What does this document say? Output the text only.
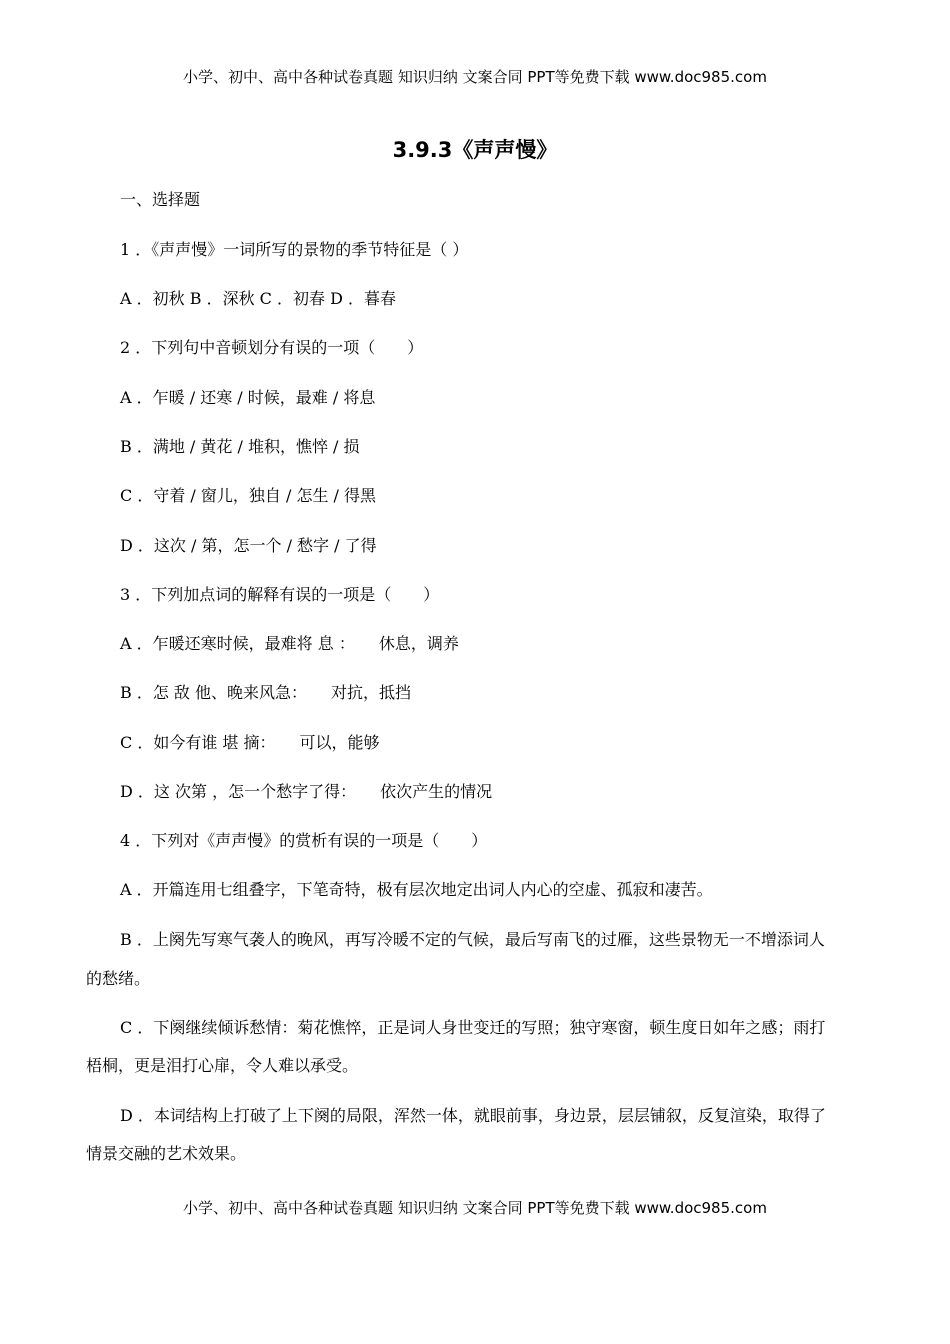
小学、初中、高中各种试卷真题 知识归纳 文案合同 PPT等免费下载 www.doc985.com
3.9.3《声声慢》
一、选择题
1 ．《声声慢》一词所写的景物的季节特征是（ ）
A ．初秋 B ．深秋 C ．初春 D ．暮春
2 ．下列句中音顿划分有误的一项（　　）
A ．乍暖 / 还寒 / 时候，最难 / 将息
B ．满地 / 黄花 / 堆积，憔悴 / 损
C ．守着 / 窗儿，独自 / 怎生 / 得黑
D ．这次 / 第，怎一个 / 愁字 / 了得
3 ．下列加点词的解释有误的一项是（　　）
A ．乍暖还寒时候，最难将 息 ：　　休息，调养
B ．怎 敌 他、晚来风急：　　对抗，抵挡
C ．如今有谁 堪 摘：　　可以，能够
D ．这 次第 ，怎一个愁字了得：　　依次产生的情况
4 ．下列对《声声慢》的赏析有误的一项是（　　）
A ．开篇连用七组叠字，下笔奇特，极有层次地定出词人内心的空虚、孤寂和凄苦。
B ．上阕先写寒气袭人的晚风，再写冷暖不定的气候，最后写南飞的过雁，这些景物无一不增添词人
的愁绪。
C ．下阕继续倾诉愁情：菊花憔悴，正是词人身世变迁的写照；独守寒窗，顿生度日如年之感；雨打
梧桐，更是泪打心扉，令人难以承受。
D ．本词结构上打破了上下阕的局限，浑然一体，就眼前事，身边景，层层铺叙，反复渲染，取得了
情景交融的艺术效果。
小学、初中、高中各种试卷真题 知识归纳 文案合同 PPT等免费下载 www.doc985.com
